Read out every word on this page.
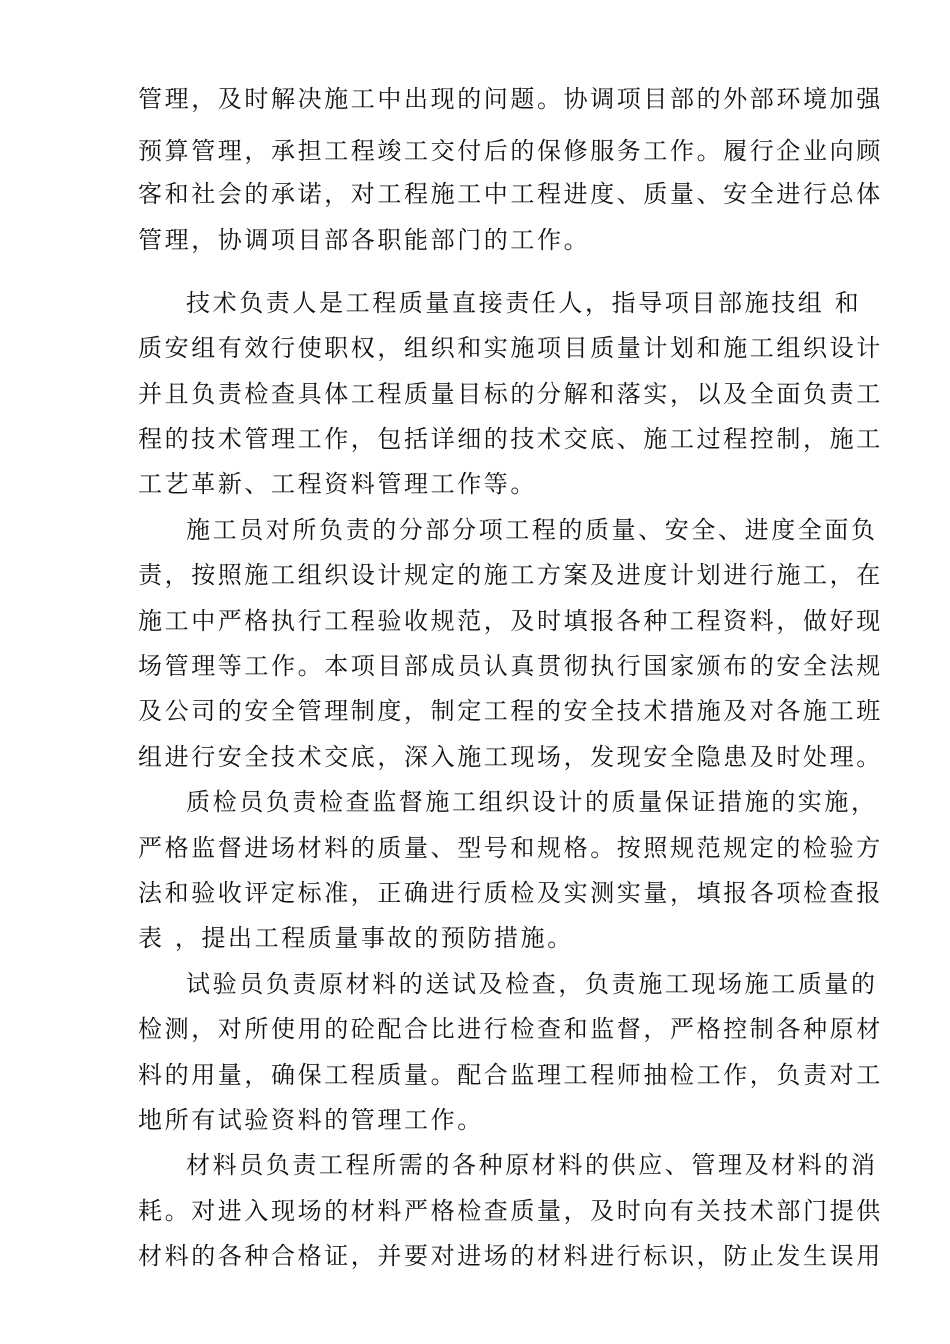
管理，及时解决施工中出现的问题。协调项目部的外部环境加强
预算管理，承担工程竣工交付后的保修服务工作。履行企业向顾
客和社会的承诺，对工程施工中工程进度、质量、安全进行总体
管理，协调项目部各职能部门的工作。
技术负责人是工程质量直接责任人，指导项目部施技组 和
质安组有效行使职权，组织和实施项目质量计划和施工组织设计
并且负责检查具体工程质量目标的分解和落实，以及全面负责工
程的技术管理工作，包括详细的技术交底、施工过程控制，施工
工艺革新、工程资料管理工作等。
施工员对所负责的分部分项工程的质量、安全、进度全面负
责，按照施工组织设计规定的施工方案及进度计划进行施工，在
施工中严格执行工程验收规范，及时填报各种工程资料，做好现
场管理等工作。本项目部成员认真贯彻执行国家颁布的安全法规
及公司的安全管理制度，制定工程的安全技术措施及对各施工班
组进行安全技术交底，深入施工现场，发现安全隐患及时处理。
质检员负责检查监督施工组织设计的质量保证措施的实施，
严格监督进场材料的质量、型号和规格。按照规范规定的检验方
法和验收评定标准，正确进行质检及实测实量，填报各项检查报
表 ，提出工程质量事故的预防措施。
试验员负责原材料的送试及检查，负责施工现场施工质量的
检测，对所使用的砼配合比进行检查和监督，严格控制各种原材
料的用量，确保工程质量。配合监理工程师抽检工作，负责对工
地所有试验资料的管理工作。
材料员负责工程所需的各种原材料的供应、管理及材料的消
耗。对进入现场的材料严格检查质量，及时向有关技术部门提供
材料的各种合格证，并要对进场的材料进行标识，防止发生误用
